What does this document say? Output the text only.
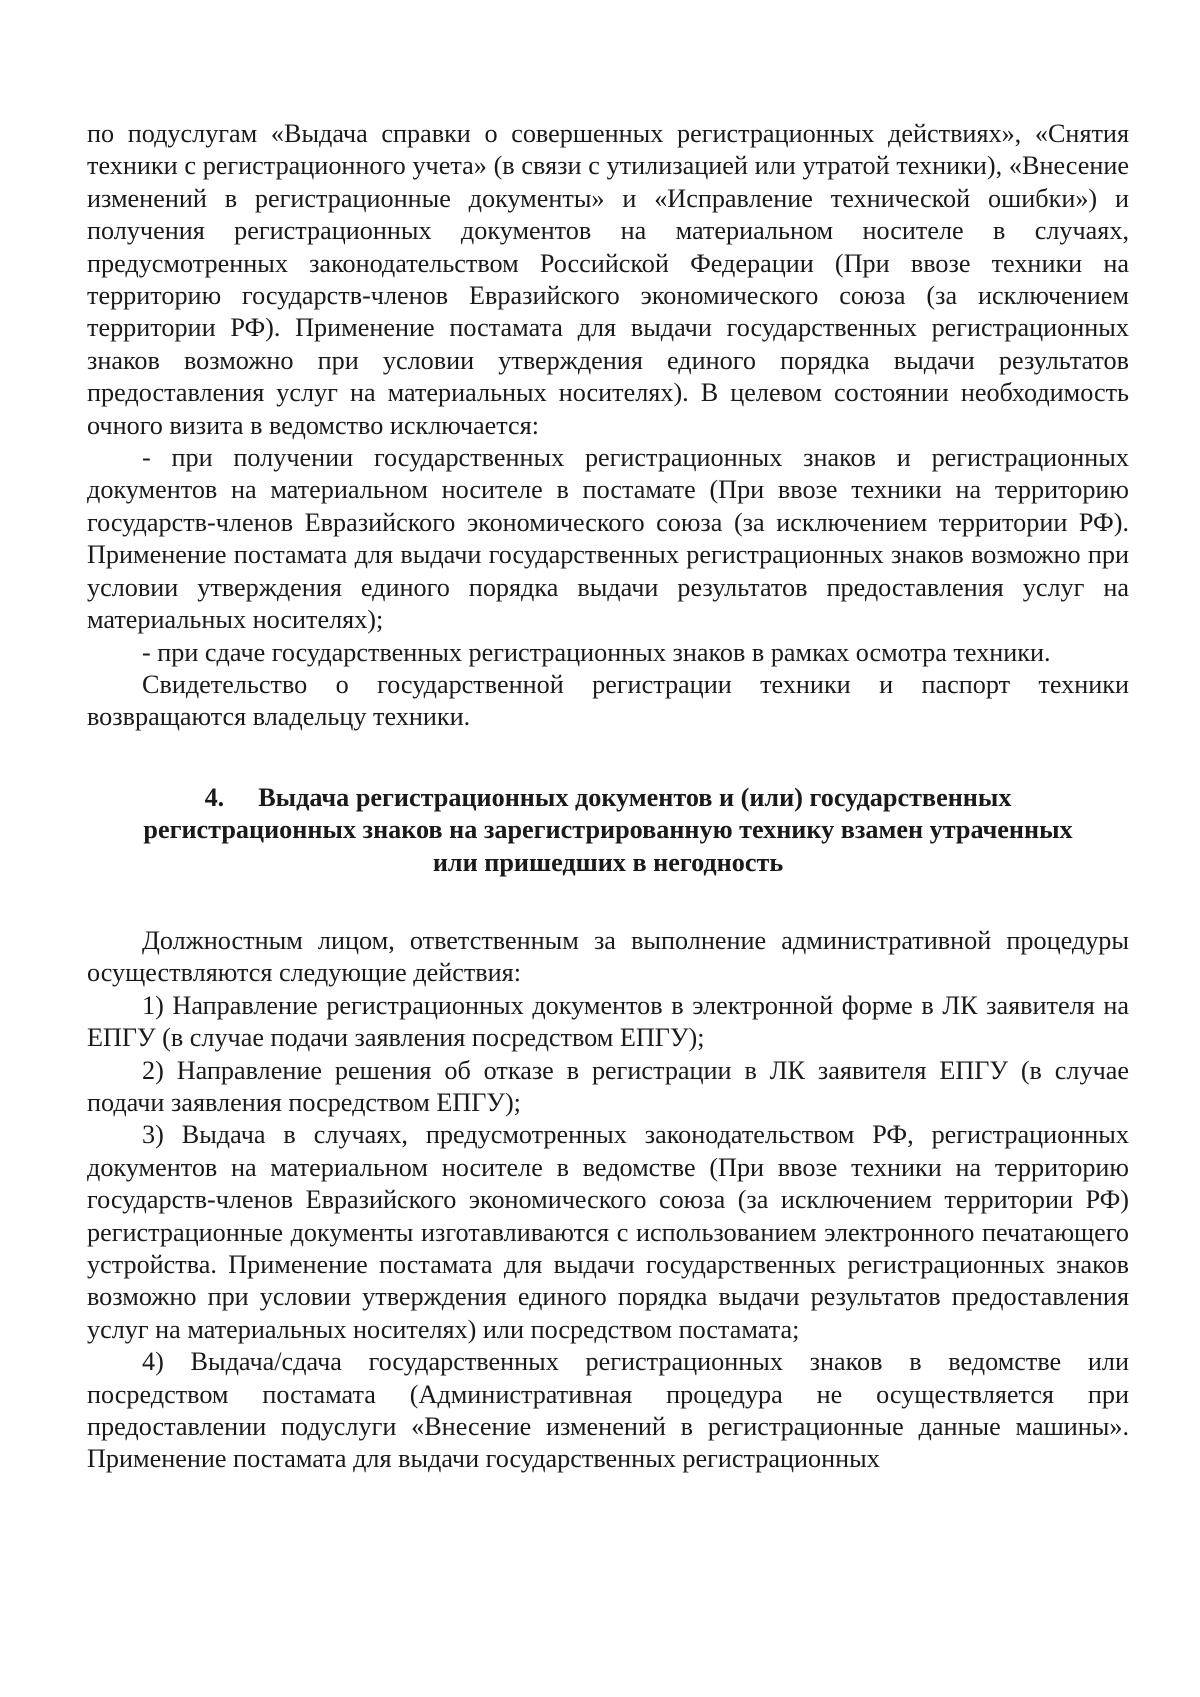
по подуслугам «Выдача справки о совершенных регистрационных действиях», «Снятия техники с регистрационного учета» (в связи с утилизацией или утратой техники), «Внесение изменений в регистрационные документы» и «Исправление технической ошибки») и получения регистрационных документов на материальном носителе в случаях, предусмотренных законодательством Российской Федерации (При ввозе техники на территорию государств-членов Евразийского экономического союза (за исключением территории РФ). Применение постамата для выдачи государственных регистрационных знаков возможно при условии утверждения единого порядка выдачи результатов предоставления услуг на материальных носителях). В целевом состоянии необходимость очного визита в ведомство исключается:

- при получении государственных регистрационных знаков и регистрационных документов на материальном носителе в постамате (При ввозе техники на территорию государств-членов Евразийского экономического союза (за исключением территории РФ). Применение постамата для выдачи государственных регистрационных знаков возможно при условии утверждения единого порядка выдачи результатов предоставления услуг на материальных носителях);

- при сдаче государственных регистрационных знаков в рамках осмотра техники.

Свидетельство о государственной регистрации техники и паспорт техники возвращаются владельцу техники.

4. Выдача регистрационных документов и (или) государственных регистрационных знаков на зарегистрированную технику взамен утраченных или пришедших в негодность

Должностным лицом, ответственным за выполнение административной процедуры осуществляются следующие действия:

1) Направление регистрационных документов в электронной форме в ЛК заявителя на ЕПГУ (в случае подачи заявления посредством ЕПГУ);

2) Направление решения об отказе в регистрации в ЛК заявителя ЕПГУ (в случае подачи заявления посредством ЕПГУ);

3) Выдача в случаях, предусмотренных законодательством РФ, регистрационных документов на материальном носителе в ведомстве (При ввозе техники на территорию государств-членов Евразийского экономического союза (за исключением территории РФ) регистрационные документы изготавливаются с использованием электронного печатающего устройства. Применение постамата для выдачи государственных регистрационных знаков возможно при условии утверждения единого порядка выдачи результатов предоставления услуг на материальных носителях) или посредством постамата;

4) Выдача/сдача государственных регистрационных знаков в ведомстве или посредством постамата (Административная процедура не осуществляется при предоставлении подуслуги «Внесение изменений в регистрационные данные машины». Применение постамата для выдачи государственных регистрационных
